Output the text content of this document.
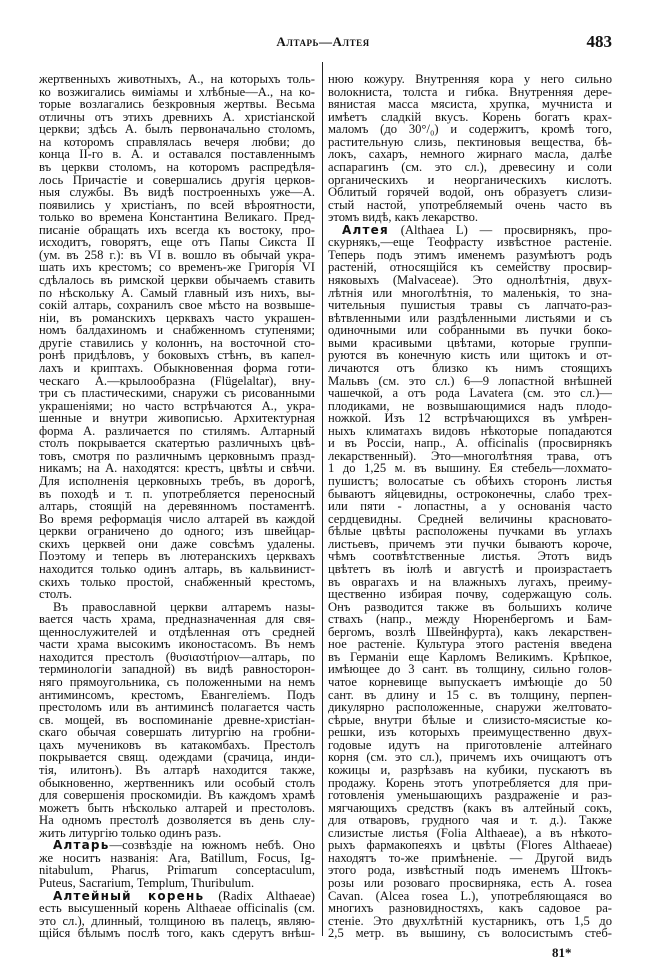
Алтарь—Алтея	483
жертвенныхъ животныхъ, А., на которыхъ толь-
ко возжигались ѳиміамы и хлѣбные—А., на ко-
торые возлагались безкровныя жертвы. Весьма
отличны отъ этихъ древнихъ А. христіанской
церкви; здѣсь А. былъ первоначально столомъ,
на которомъ справлялась вечеря любви; до
конца II-го в. А. и оставался поставленнымъ
въ церкви столомъ, на которомъ распредѣля-
лось Причастіе и совершались другія церков-
ныя службы. Въ видѣ построенныхъ уже—А.
появились у христіанъ, по всей вѣроятности,
только во времена Константина Великаго. Пред-
писаніе обращать ихъ всегда къ востоку, про-
исходитъ, говорятъ, еще отъ Папы Сикста II
(ум. въ 258 г.): въ VI в. вошло въ обычай укра-
шать ихъ крестомъ; со временъ-же Григорія VI
сдѣлалось въ римской церкви обычаемъ ставить
по нѣскольку А. Самый главный изъ нихъ, вы-
сокій алтарь, сохранилъ свое мѣсто на возвыше-
ніи, въ романскихъ церквахъ часто украшен-
номъ балдахиномъ и снабженномъ ступенями;
другіе ставились у колоннъ, на восточной сто-
ронѣ придѣловъ, у боковыхъ стѣнъ, въ капел-
лахъ и криптахъ. Обыкновенная форма готи-
ческаго А.—крылообразна (Flügelaltar), вну-
три съ пластическими, снаружи съ рисованными
украшеніями; но часто встрѣчаются А., укра-
шенные и внутри живописью. Архитектурная
форма А. различается по стилямъ. Алтарный
столъ покрывается скатертью различныхъ цвѣ-
товъ, смотря по различнымъ церковнымъ празд-
никамъ; на А. находятся: крестъ, цвѣты и свѣчи.
Для исполненія церковныхъ требъ, въ дорогѣ,
въ походѣ и т. п. употребляется переносный
алтарь, стоящій на деревянномъ постаментѣ.
Во время реформація число алтарей въ каждой
церкви ограничено до одного; изъ швейцар-
скихъ церквей они даже совсѣмъ удалены.
Поэтому и теперь въ лютеранскихъ церквахъ
находится только одинъ алтарь, въ кальвинист-
скихъ только простой, снабженный крестомъ,
столъ.
Въ православной церкви алтаремъ назы-
вается часть храма, предназначенная для свя-
щеннослужителей и отдѣленная отъ средней
части храма высокимъ иконостасомъ. Въ немъ
находится престолъ (θυσιαστήριον—алтарь, по
терминологіи западной) въ видѣ равносторон-
няго прямоугольника, съ положенными на немъ
антиминсомъ, крестомъ, Евангеліемъ. Подъ
престоломъ или въ антиминсѣ полагается часть
св. мощей, въ воспоминаніе древне-христіан-
скаго обычая совершать литургію на гробни-
цахъ мучениковъ въ катакомбахъ. Престолъ
покрывается свящ. одеждами (срачица, инди-
тія, илитонъ). Въ алтарѣ находится также,
обыкновенно, жертвенникъ или особый столъ
для совершенія проскомидіи. Въ каждомъ храмѣ
можетъ быть нѣсколько алтарей и престоловъ.
На одномъ престолѣ дозволяется въ день слу-
жить литургію только одинъ разъ.
Алтарь—созвѣздіе на южномъ небѣ. Оно
же носитъ названія: Ara, Batillum, Focus, Ig-
nitabulum, Pharus, Primarum conceptaculum,
Puteus, Sacrarium, Templum, Thuribulum.
Алтейный корень (Radix Althaeae)
есть высушенный корень Althaeae officinalis (см.
это сл.), длинный, толщиною въ палецъ, являю-
щійся бѣлымъ послѣ того, какъ сдерутъ внѣш-
нюю кожуру. Внутренняя кора у него сильно
волокниста, толста и гибка. Внутренняя дере-
вянистая масса мясиста, хрупка, мучниста и
имѣетъ сладкій вкусъ. Корень богатъ крах-
маломъ (до 30°/₀) и содержитъ, кромѣ того,
растительную слизь, пектиновыя вещества, бѣ-
локъ, сахаръ, немного жирнаго масла, далѣе
аспарагинъ (см. это сл.), древесину и соли
органическихъ и неорганическихъ кислотъ.
Облитый горячей водой, онъ образуетъ слизи-
стый настой, употребляемый очень часто въ
этомъ видѣ, какъ лекарство.
Алтея (Althaea L) — просвирнякъ, про-
скурнякъ,—еще Теофрасту извѣстное растеніе.
Теперь подъ этимъ именемъ разумѣютъ родъ
растеній, относящійся къ семейству просвир-
няковыхъ (Malvaceae). Это однолѣтнія, двух-
лѣтнія или многолѣтнія, то маленькія, то зна-
чительныя пушистыя травы съ лапчато-раз-
вѣтвленными или раздѣленными листьями и съ
одиночными или собранными въ пучки боко-
выми красивыми цвѣтами, которые группи-
руются въ конечную кисть или щитокъ и от-
личаются отъ близко къ нимъ стоящихъ
Мальвъ (см. это сл.) 6—9 лопастной внѣшней
чашечкой, а отъ рода Lavatera (см. это сл.)—
плодиками, не возвышающимися надъ плодо-
ножкой. Изъ 12 встрѣчающихся въ умѣрен-
ныхъ климатахъ видовъ нѣкоторые попадаются
и въ Россіи, напр., A. officinalis (просвирнякъ
лекарственный). Это—многолѣтняя трава, отъ
1 до 1,25 м. въ вышину. Ея стебель—лохмато-
пушистъ; волосатые съ обѣихъ сторонъ листья
бываютъ яйцевидны, остроконечны, слабо трех-
или пяти - лопастны, а у основанія часто
сердцевидны. Средней величины красновато-
бѣлые цвѣты расположены пучками въ углахъ
листьевъ, причемъ эти пучки бываютъ короче,
чѣмъ соотвѣтственные листья. Этотъ видъ
цвѣтетъ въ іюлѣ и августѣ и произрастаетъ
въ оврагахъ и на влажныхъ лугахъ, преиму-
щественно избирая почву, содержащую соль.
Онъ разводится также въ большихъ количе
ствахъ (напр., между Нюренбергомъ и Бам-
бергомъ, возлѣ Швейнфурта), какъ лекарствен-
ное растеніе. Культура этого растенія введена
въ Германіи еще Карломъ Великимъ. Крѣпкое,
имѣющее до 3 сант. въ толщину, сильно голов-
чатое корневище выпускаетъ имѣющіе до 50
сант. въ длину и 15 с. въ толщину, перпен-
дикулярно расположенные, снаружи желтовато-
сѣрые, внутри бѣлые и слизисто-мясистые ко-
решки, изъ которыхъ преимущественно двух-
годовые идутъ на приготовленіе алтейнаго
корня (см. это сл.), причемъ ихъ очищаютъ отъ
кожицы и, разрѣзавъ на кубики, пускаютъ въ
продажу. Корень этотъ употребляется для при-
готовленія уменьшающихъ раздраженіе и раз-
мягчающихъ средствъ (какъ въ алтейный сокъ,
для отваровъ, грудного чая и т. д.). Также
слизистые листья (Folia Althaeae), а въ нѣкото-
рыхъ фармакопеяхъ и цвѣты (Flores Althaeae)
находятъ то-же примѣненіе. — Другой видъ
этого рода, извѣстный подъ именемъ Штокъ-
розы или розоваго просвирняка, есть A. rosea
Cavan. (Alcea rosea L.), употребляющаяся во
многихъ разновидностяхъ, какъ садовое ра-
стеніе. Это двухлѣтній кустарникъ, отъ 1,5 до
2,5 метр. въ вышину, съ волосистымъ стеб-
81*
